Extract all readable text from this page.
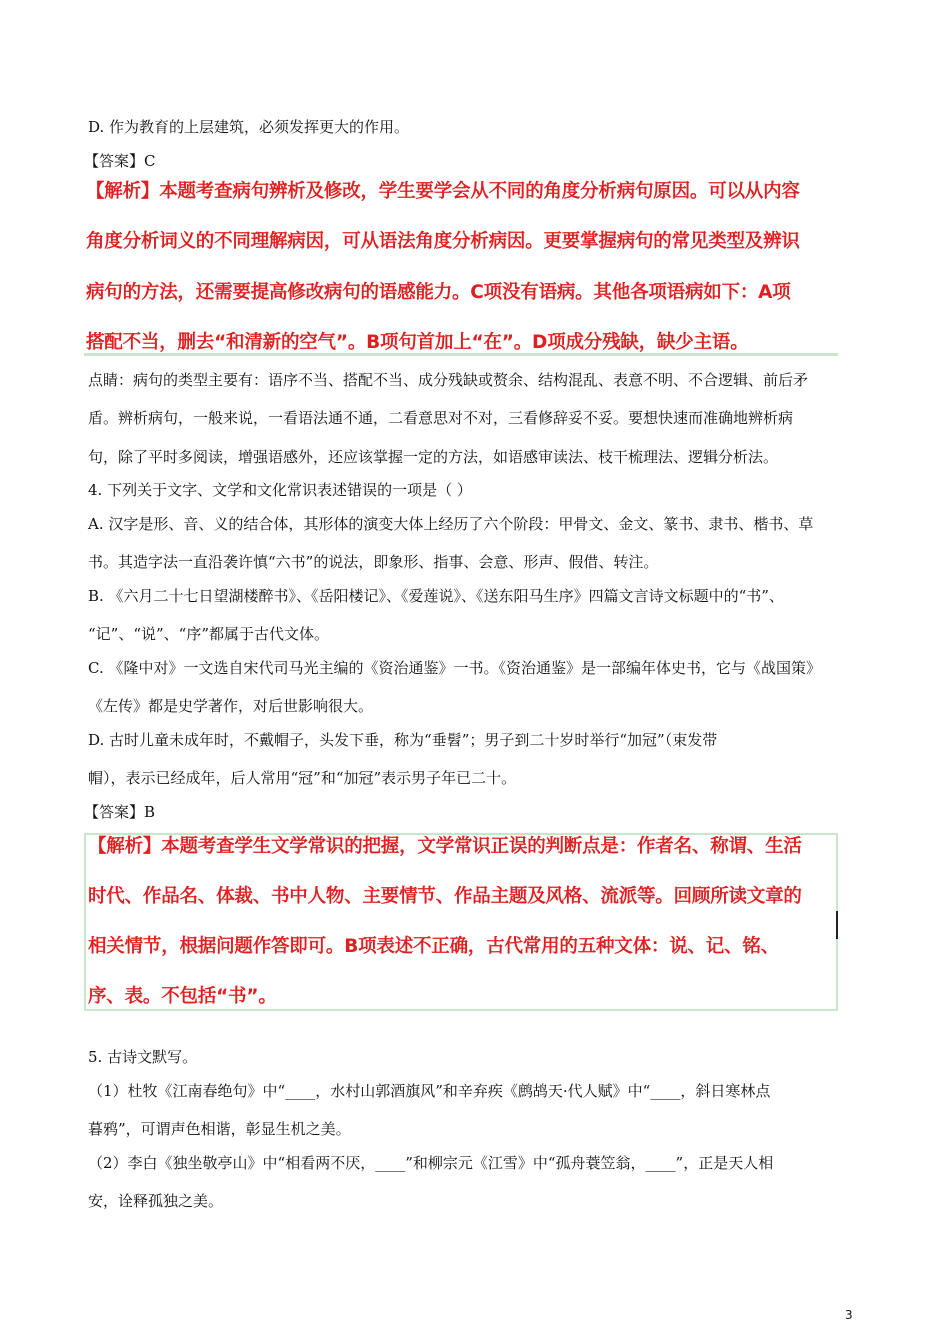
D. 作为教育的上层建筑，必须发挥更大的作用。
【答案】C
【解析】本题考查病句辨析及修改，学生要学会从不同的角度分析病句原因。可以从内容
角度分析词义的不同理解病因，可从语法角度分析病因。更要掌握病句的常见类型及辨识
病句的方法，还需要提高修改病句的语感能力。C项没有语病。其他各项语病如下：A项
搭配不当，删去“和清新的空气”。B项句首加上“在”。D项成分残缺，缺少主语。
点睛：病句的类型主要有：语序不当、搭配不当、成分残缺或赘余、结构混乱、表意不明、不合逻辑、前后矛
盾。辨析病句，一般来说，一看语法通不通，二看意思对不对，三看修辞妥不妥。要想快速而准确地辨析病
句，除了平时多阅读，增强语感外，还应该掌握一定的方法，如语感审读法、枝干梳理法、逻辑分析法。
4. 下列关于文字、文学和文化常识表述错误的一项是（ ）
A. 汉字是形、音、义的结合体，其形体的演变大体上经历了六个阶段：甲骨文、金文、篆书、隶书、楷书、草
书。其造字法一直沿袭许慎“六书”的说法，即象形、指事、会意、形声、假借、转注。
B. 《六月二十七日望湖楼醉书》、《岳阳楼记》、《爱莲说》、《送东阳马生序》四篇文言诗文标题中的“书”、
“记”、“说”、“序”都属于古代文体。
C. 《隆中对》一文选自宋代司马光主编的《资治通鉴》一书。《资治通鉴》是一部编年体史书，它与《战国策》
《左传》都是史学著作，对后世影响很大。
D. 古时儿童未成年时，不戴帽子，头发下垂，称为“垂髫”；男子到二十岁时举行“加冠”（束发带
帽），表示已经成年，后人常用“冠”和“加冠”表示男子年已二十。
【答案】B
【解析】本题考查学生文学常识的把握，文学常识正误的判断点是：作者名、称谓、生活
时代、作品名、体裁、书中人物、主要情节、作品主题及风格、流派等。回顾所读文章的
相关情节，根据问题作答即可。B项表述不正确，古代常用的五种文体：说、记、铭、
序、表。不包括“书”。
5. 古诗文默写。
（1）杜牧《江南春绝句》中“____，水村山郭酒旗风”和辛弃疾《鹧鸪天·代人赋》中“____，斜日寒林点
暮鸦”，可谓声色相谐，彰显生机之美。
（2）李白《独坐敬亭山》中“相看两不厌，____”和柳宗元《江雪》中“孤舟蓑笠翁，____”，正是天人相
安，诠释孤独之美。
3
